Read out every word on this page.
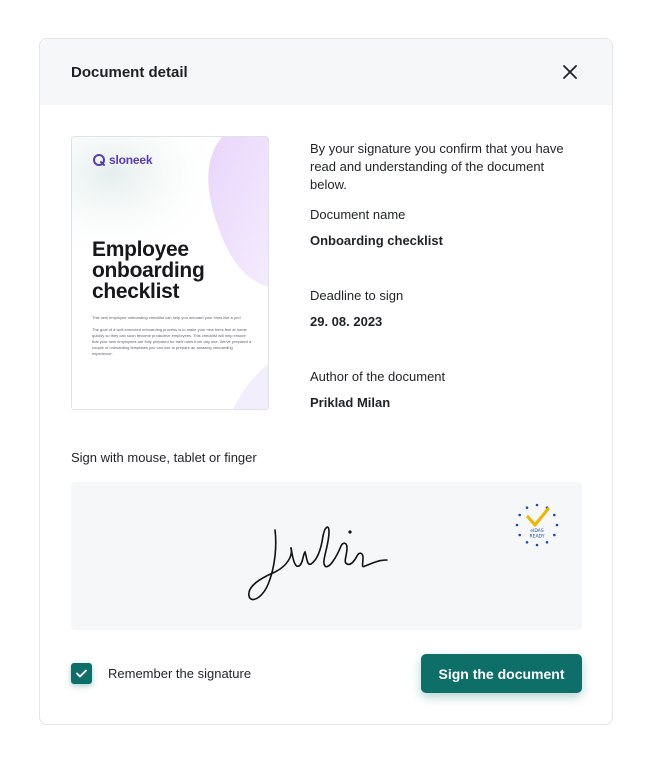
Document detail
sloneek
Employee onboarding checklist
This new employee onboarding checklist can help you onboard your hires like a pro!
The goal of a well-executed onboarding process is to make your new hires feel at home quickly so they can soon become productive employees. This checklist will help ensure that your new employees are fully prepared for their roles from day one. We've prepared a couple of onboarding templates you can use to prepare an amazing onboarding experience.
By your signature you confirm that you have read and understanding of the document below.
Document name
Onboarding checklist
Deadline to sign
29. 08. 2023
Author of the document
Priklad Milan
Sign with mouse, tablet or finger
eIDAS
READY
Remember the signature	Sign the document
